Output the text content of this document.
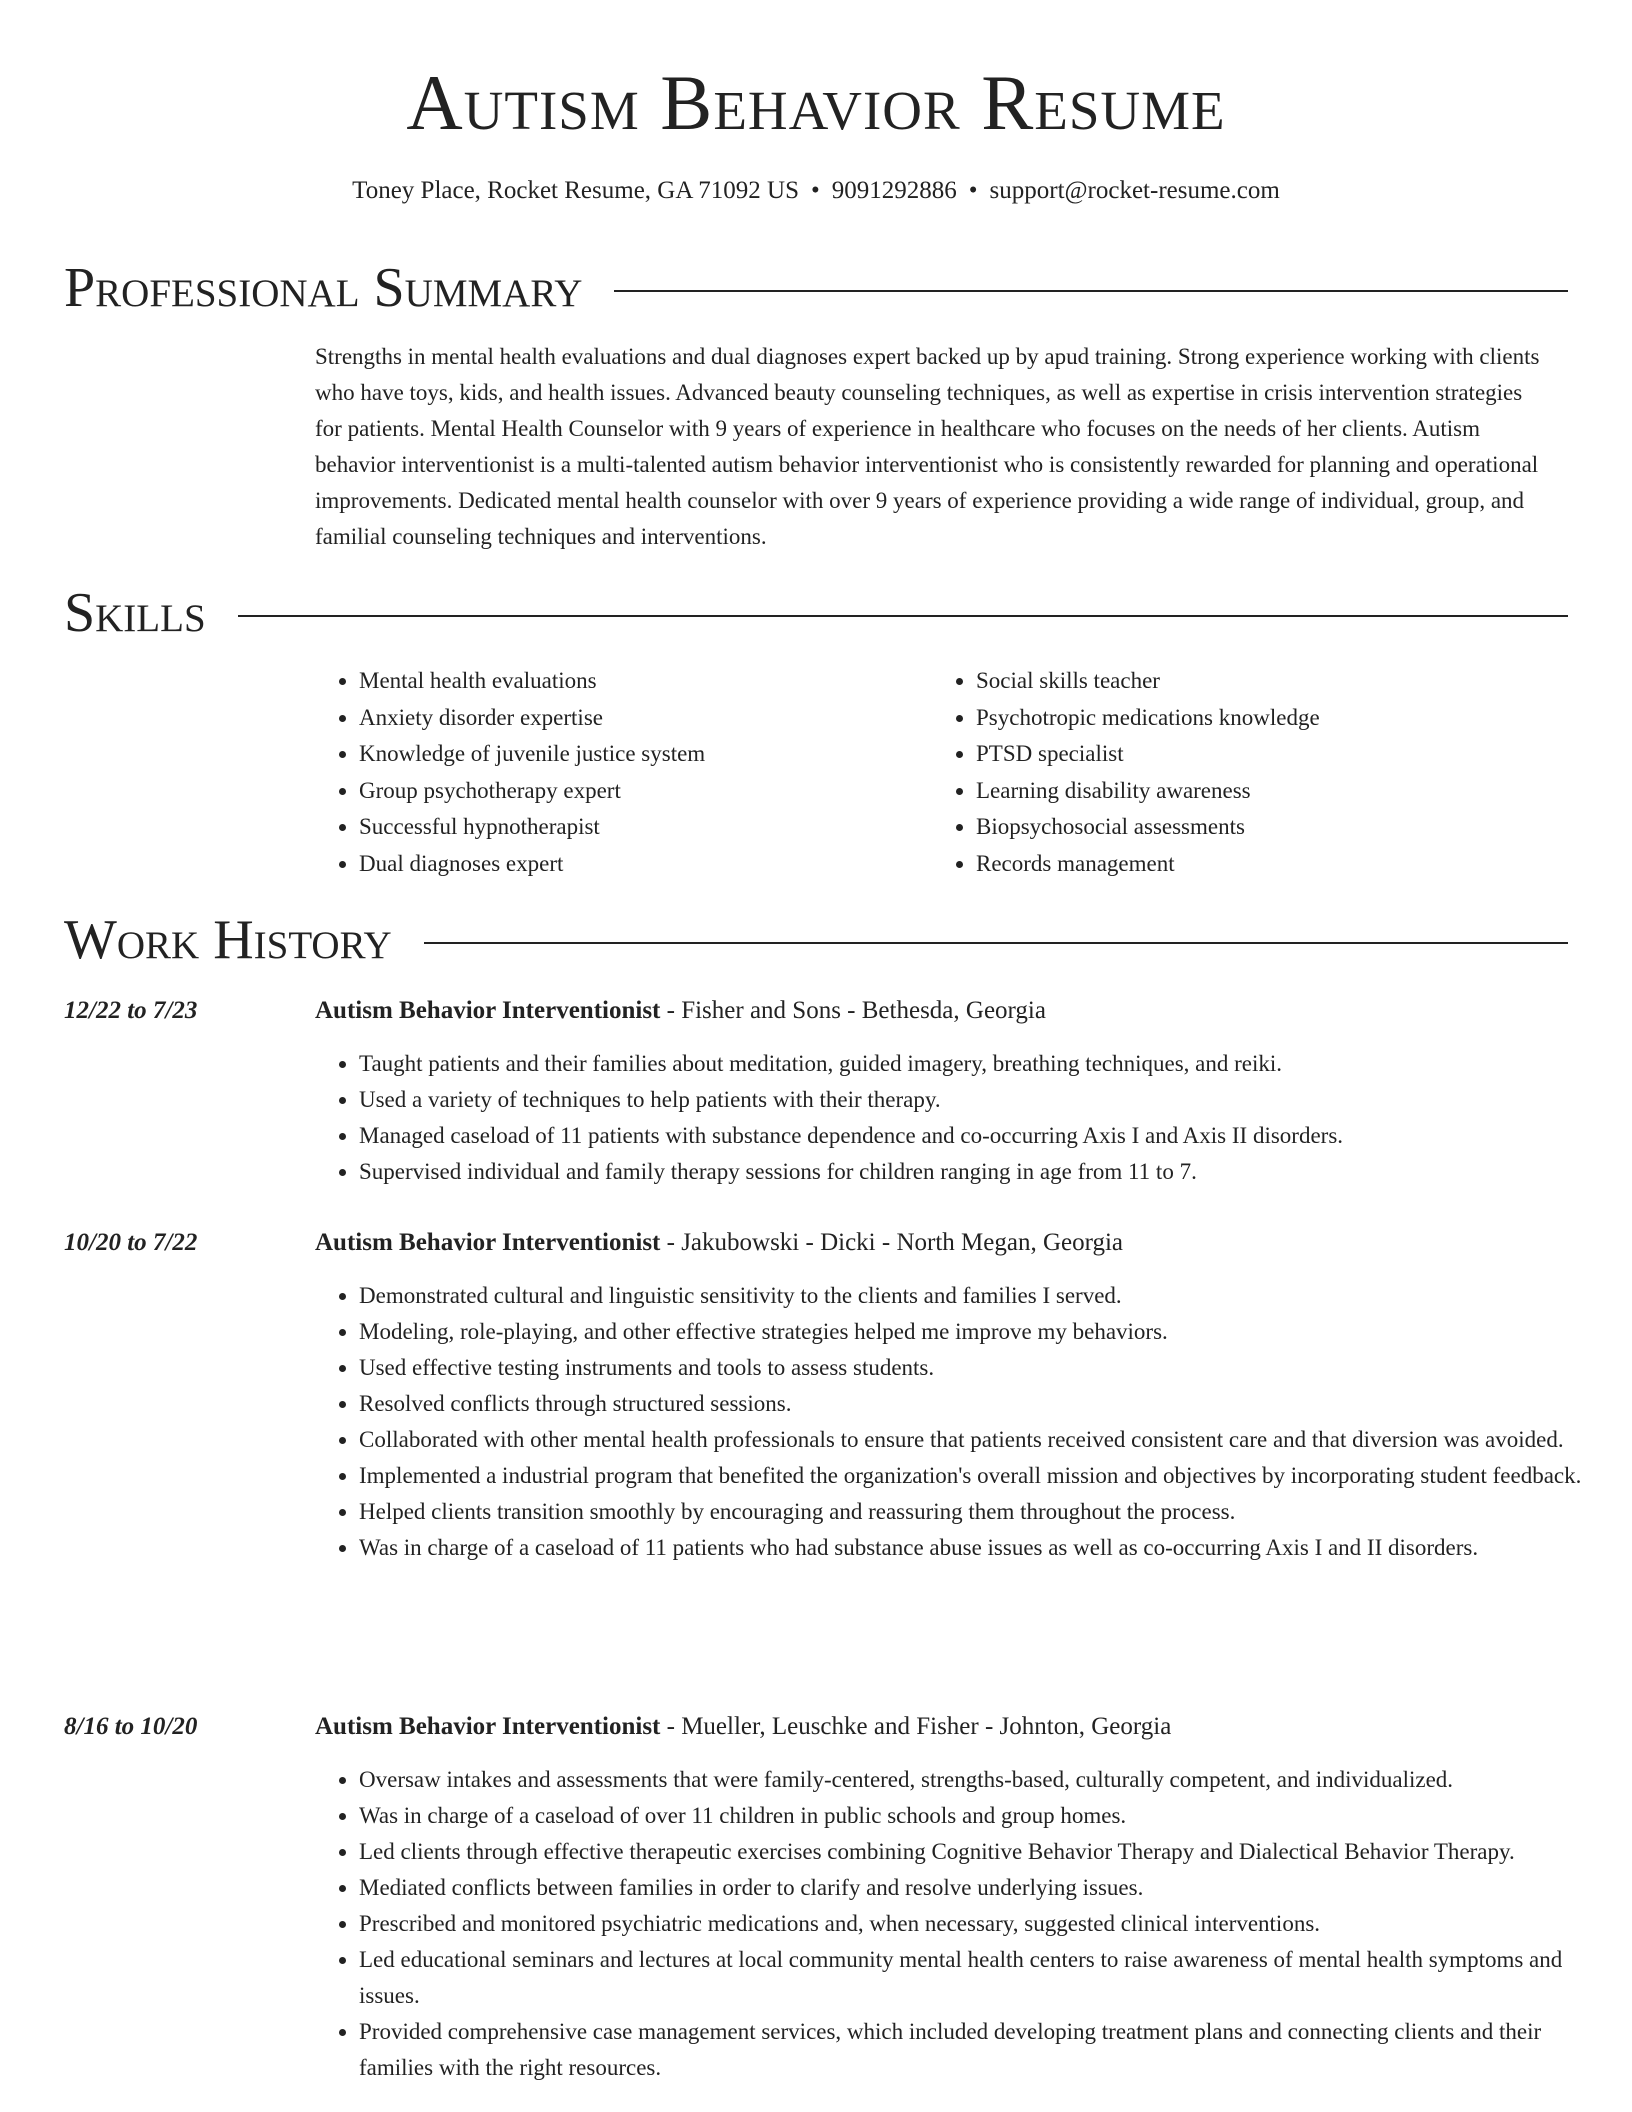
Autism Behavior Resume
Toney Place, Rocket Resume, GA 71092 US • 9091292886 • support@rocket-resume.com
Professional Summary

Strengths in mental health evaluations and dual diagnoses expert backed up by apud training. Strong experience working with clients who have toys, kids, and health issues. Advanced beauty counseling techniques, as well as expertise in crisis intervention strategies for patients. Mental Health Counselor with 9 years of experience in healthcare who focuses on the needs of her clients. Autism behavior interventionist is a multi-talented autism behavior interventionist who is consistently rewarded for planning and operational improvements. Dedicated mental health counselor with over 9 years of experience providing a wide range of individual, group, and familial counseling techniques and interventions.

Skills
• Mental health evaluations
• Anxiety disorder expertise
• Knowledge of juvenile justice system
• Group psychotherapy expert
• Successful hypnotherapist
• Dual diagnoses expert
• Social skills teacher
• Psychotropic medications knowledge
• PTSD specialist
• Learning disability awareness
• Biopsychosocial assessments
• Records management
Work History
12/22 to 7/23	Autism Behavior Interventionist - Fisher and Sons - Bethesda, Georgia
• Taught patients and their families about meditation, guided imagery, breathing techniques, and reiki.
• Used a variety of techniques to help patients with their therapy.
• Managed caseload of 11 patients with substance dependence and co-occurring Axis I and Axis II disorders.
• Supervised individual and family therapy sessions for children ranging in age from 11 to 7.
10/20 to 7/22	Autism Behavior Interventionist - Jakubowski - Dicki - North Megan, Georgia
• Demonstrated cultural and linguistic sensitivity to the clients and families I served.
• Modeling, role-playing, and other effective strategies helped me improve my behaviors.
• Used effective testing instruments and tools to assess students.
• Resolved conflicts through structured sessions.
• Collaborated with other mental health professionals to ensure that patients received consistent care and that diversion was avoided.
• Implemented a industrial program that benefited the organization's overall mission and objectives by incorporating student feedback.
• Helped clients transition smoothly by encouraging and reassuring them throughout the process.
• Was in charge of a caseload of 11 patients who had substance abuse issues as well as co-occurring Axis I and II disorders.
8/16 to 10/20	Autism Behavior Interventionist - Mueller, Leuschke and Fisher - Johnton, Georgia
• Oversaw intakes and assessments that were family-centered, strengths-based, culturally competent, and individualized.
• Was in charge of a caseload of over 11 children in public schools and group homes.
• Led clients through effective therapeutic exercises combining Cognitive Behavior Therapy and Dialectical Behavior Therapy.
• Mediated conflicts between families in order to clarify and resolve underlying issues.
• Prescribed and monitored psychiatric medications and, when necessary, suggested clinical interventions.
• Led educational seminars and lectures at local community mental health centers to raise awareness of mental health symptoms and issues.
• Provided comprehensive case management services, which included developing treatment plans and connecting clients and their families with the right resources.
